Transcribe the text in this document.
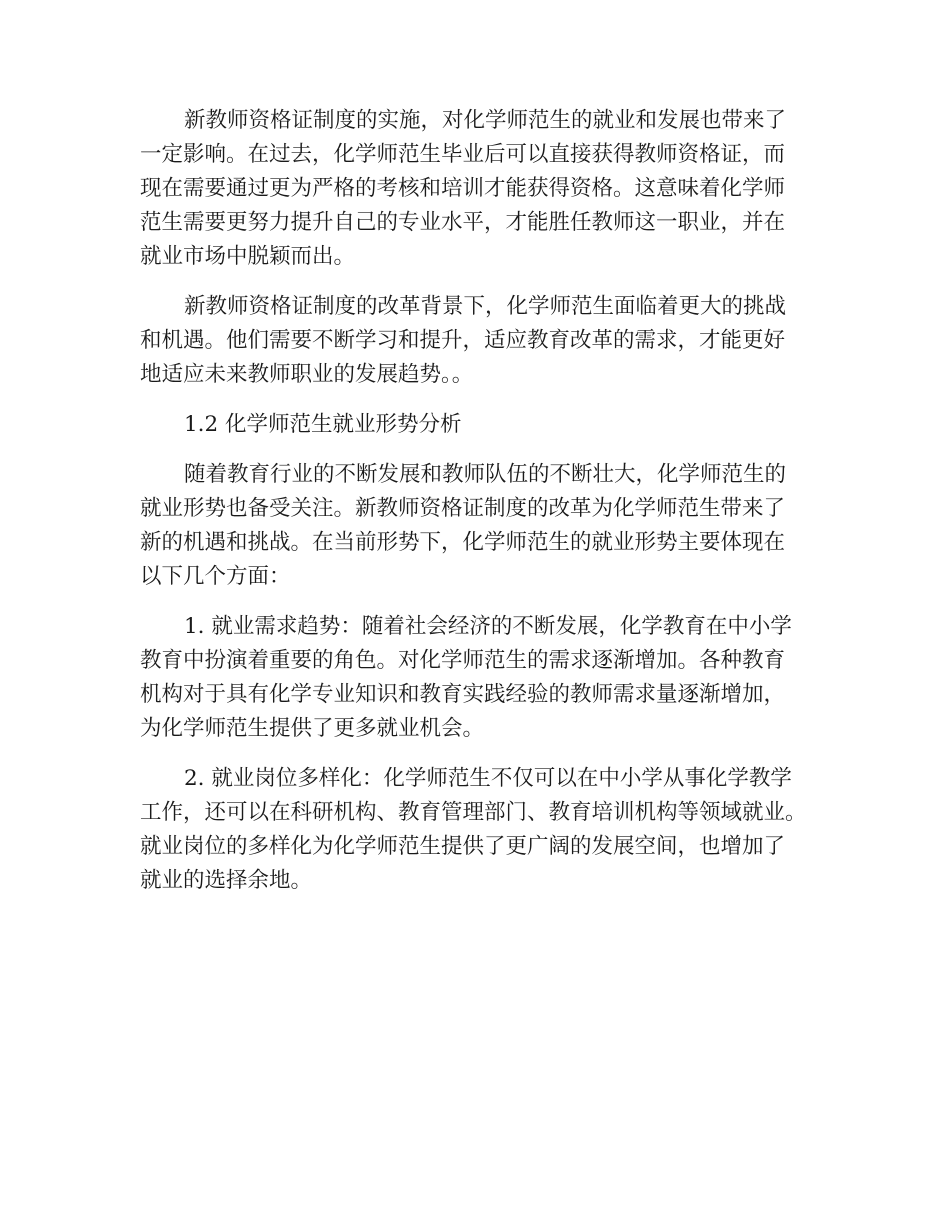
新教师资格证制度的实施，对化学师范生的就业和发展也带来了
一定影响。在过去，化学师范生毕业后可以直接获得教师资格证，而
现在需要通过更为严格的考核和培训才能获得资格。这意味着化学师
范生需要更努力提升自己的专业水平，才能胜任教师这一职业，并在
就业市场中脱颖而出。
新教师资格证制度的改革背景下，化学师范生面临着更大的挑战
和机遇。他们需要不断学习和提升，适应教育改革的需求，才能更好
地适应未来教师职业的发展趋势。。
1.2 化学师范生就业形势分析
随着教育行业的不断发展和教师队伍的不断壮大，化学师范生的
就业形势也备受关注。新教师资格证制度的改革为化学师范生带来了
新的机遇和挑战。在当前形势下，化学师范生的就业形势主要体现在
以下几个方面：
1. 就业需求趋势：随着社会经济的不断发展，化学教育在中小学
教育中扮演着重要的角色。对化学师范生的需求逐渐增加。各种教育
机构对于具有化学专业知识和教育实践经验的教师需求量逐渐增加，
为化学师范生提供了更多就业机会。
2. 就业岗位多样化：化学师范生不仅可以在中小学从事化学教学
工作，还可以在科研机构、教育管理部门、教育培训机构等领域就业。
就业岗位的多样化为化学师范生提供了更广阔的发展空间，也增加了
就业的选择余地。
